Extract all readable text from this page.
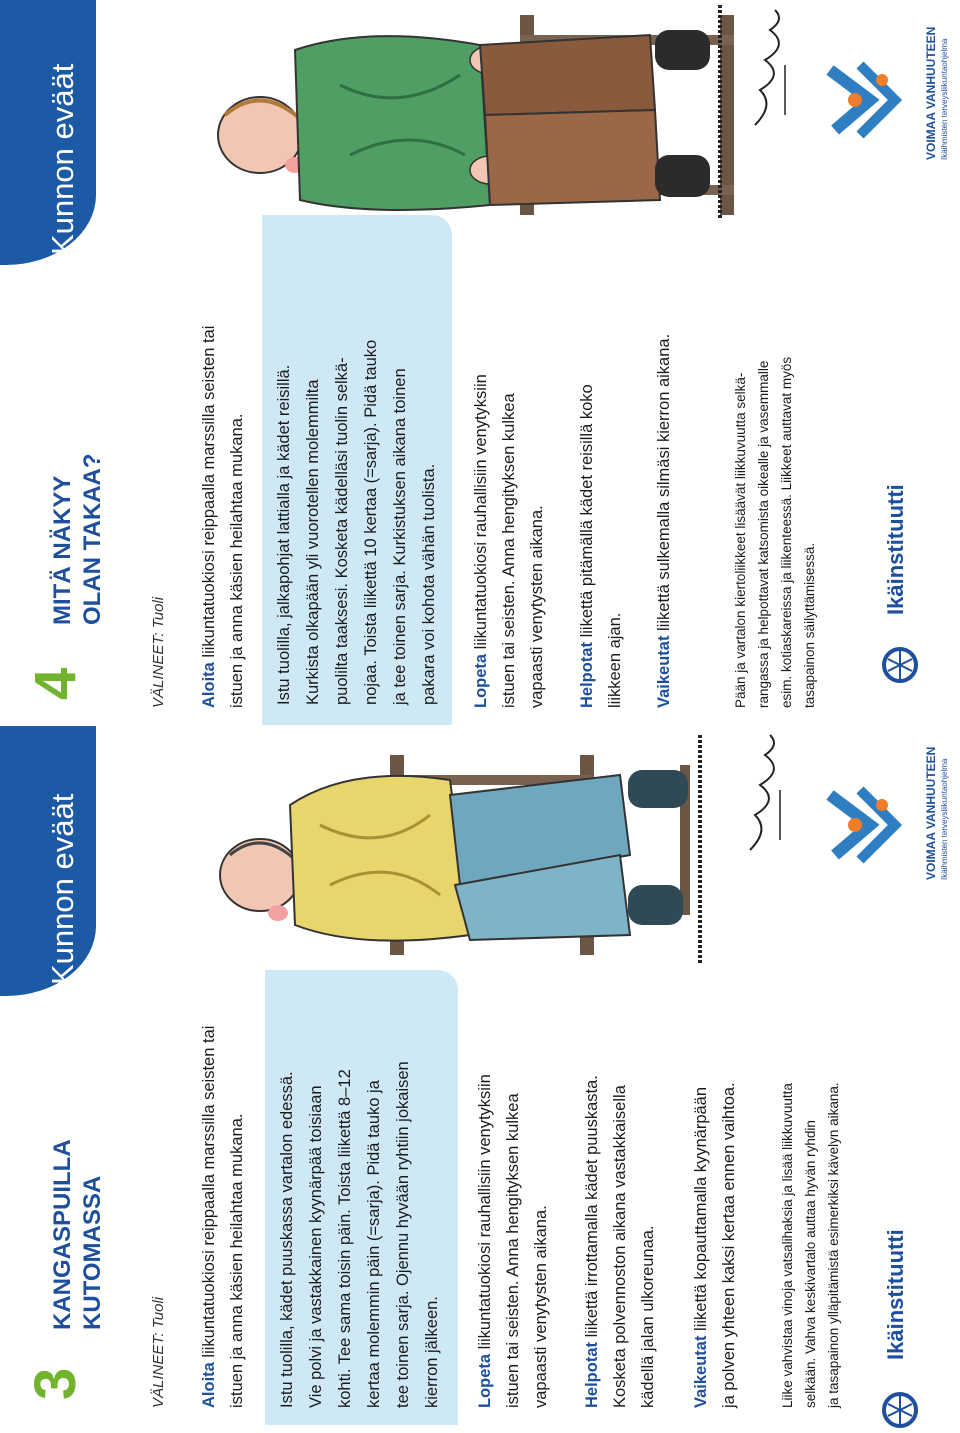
Kunnon eväät
3
KANGASPUILLA KUTOMASSA
VÄLINEET: Tuoli Aloita liikuntatuokiosi reippaalla marssilla seisten tai istuen ja anna käsien heilahtaa mukana. Istu tuolilla, kädet puuskassa vartalon edessä. Vie polvi ja vastakkainen kyynärpää toisiaan kohti. Tee sama toisin päin. Toista liikettä 8–12 kertaa molemmin päin (=sarja). Pidä tauko ja tee toinen sarja. Ojennu hyvään ryhtiin jokaisen kierron jälkeen. Lopeta liikuntatuokiosi rauhallisiin venytyksiin istuen tai seisten. Anna hengityksen kulkea vapaasti venytysten aikana. Helpotat liikettä irrottamalla kädet puuskasta. Kosketa polvennoston aikana vastakkaisella kädellä jalan ulkoreunaa. Vaikeutat liikettä kopauttamalla kyynärpään ja polven yhteen kaksi kertaa ennen vaihtoa.	Liike vahvistaa vinoja vatsalihaksia ja lisää liikkuvuutta selkään. Vahva keskivartalo auttaa hyvän ryhdin ja tasapainon ylläpitämistä esimerkiksi kävelyn aikana. Ikäinstituutti
VOIMAA VANHUUTEEN Ikäihmisten terveysliikuntaohjelma
Kunnon eväät
4
MITÄ NÄKYY OLAN TAKAA?
VÄLINEET: Tuoli Aloita liikuntatuokiosi reippaalla marssilla seisten tai istuen ja anna käsien heilahtaa mukana. Istu tuolilla, jalkapohjat lattialla ja kädet reisillä. Kurkista olkapään yli vuorotellen molemmilta puolilta taaksesi. Kosketa kädelläsi tuolin selkä- nojaa. Toista liikettä 10 kertaa (=sarja). Pidä tauko ja tee toinen sarja. Kurkistuksen aikana toinen pakara voi kohota vähän tuolista. Lopeta liikuntatuokiosi rauhallisiin venytyksiin istuen tai seisten. Anna hengityksen kulkea vapaasti venytysten aikana. Helpotat liikettä pitämällä kädet reisillä koko
liikkeen ajan. Vaikeutat liikettä sulkemalla silmäsi kierron aikana.	Pään ja vartalon kiertoliikkeet lisäävät liikkuvuutta selkä- rangassa ja helpottavat katsomista oikealle ja vasemmalle esim. kotiaskareissa ja liikenteessä. Liikkeet auttavat myös tasapainon säilyttämisessä.	Ikäinstituutti
VOIMAA VANHUUTEEN Ikäihmisten terveysliikuntaohjelma
